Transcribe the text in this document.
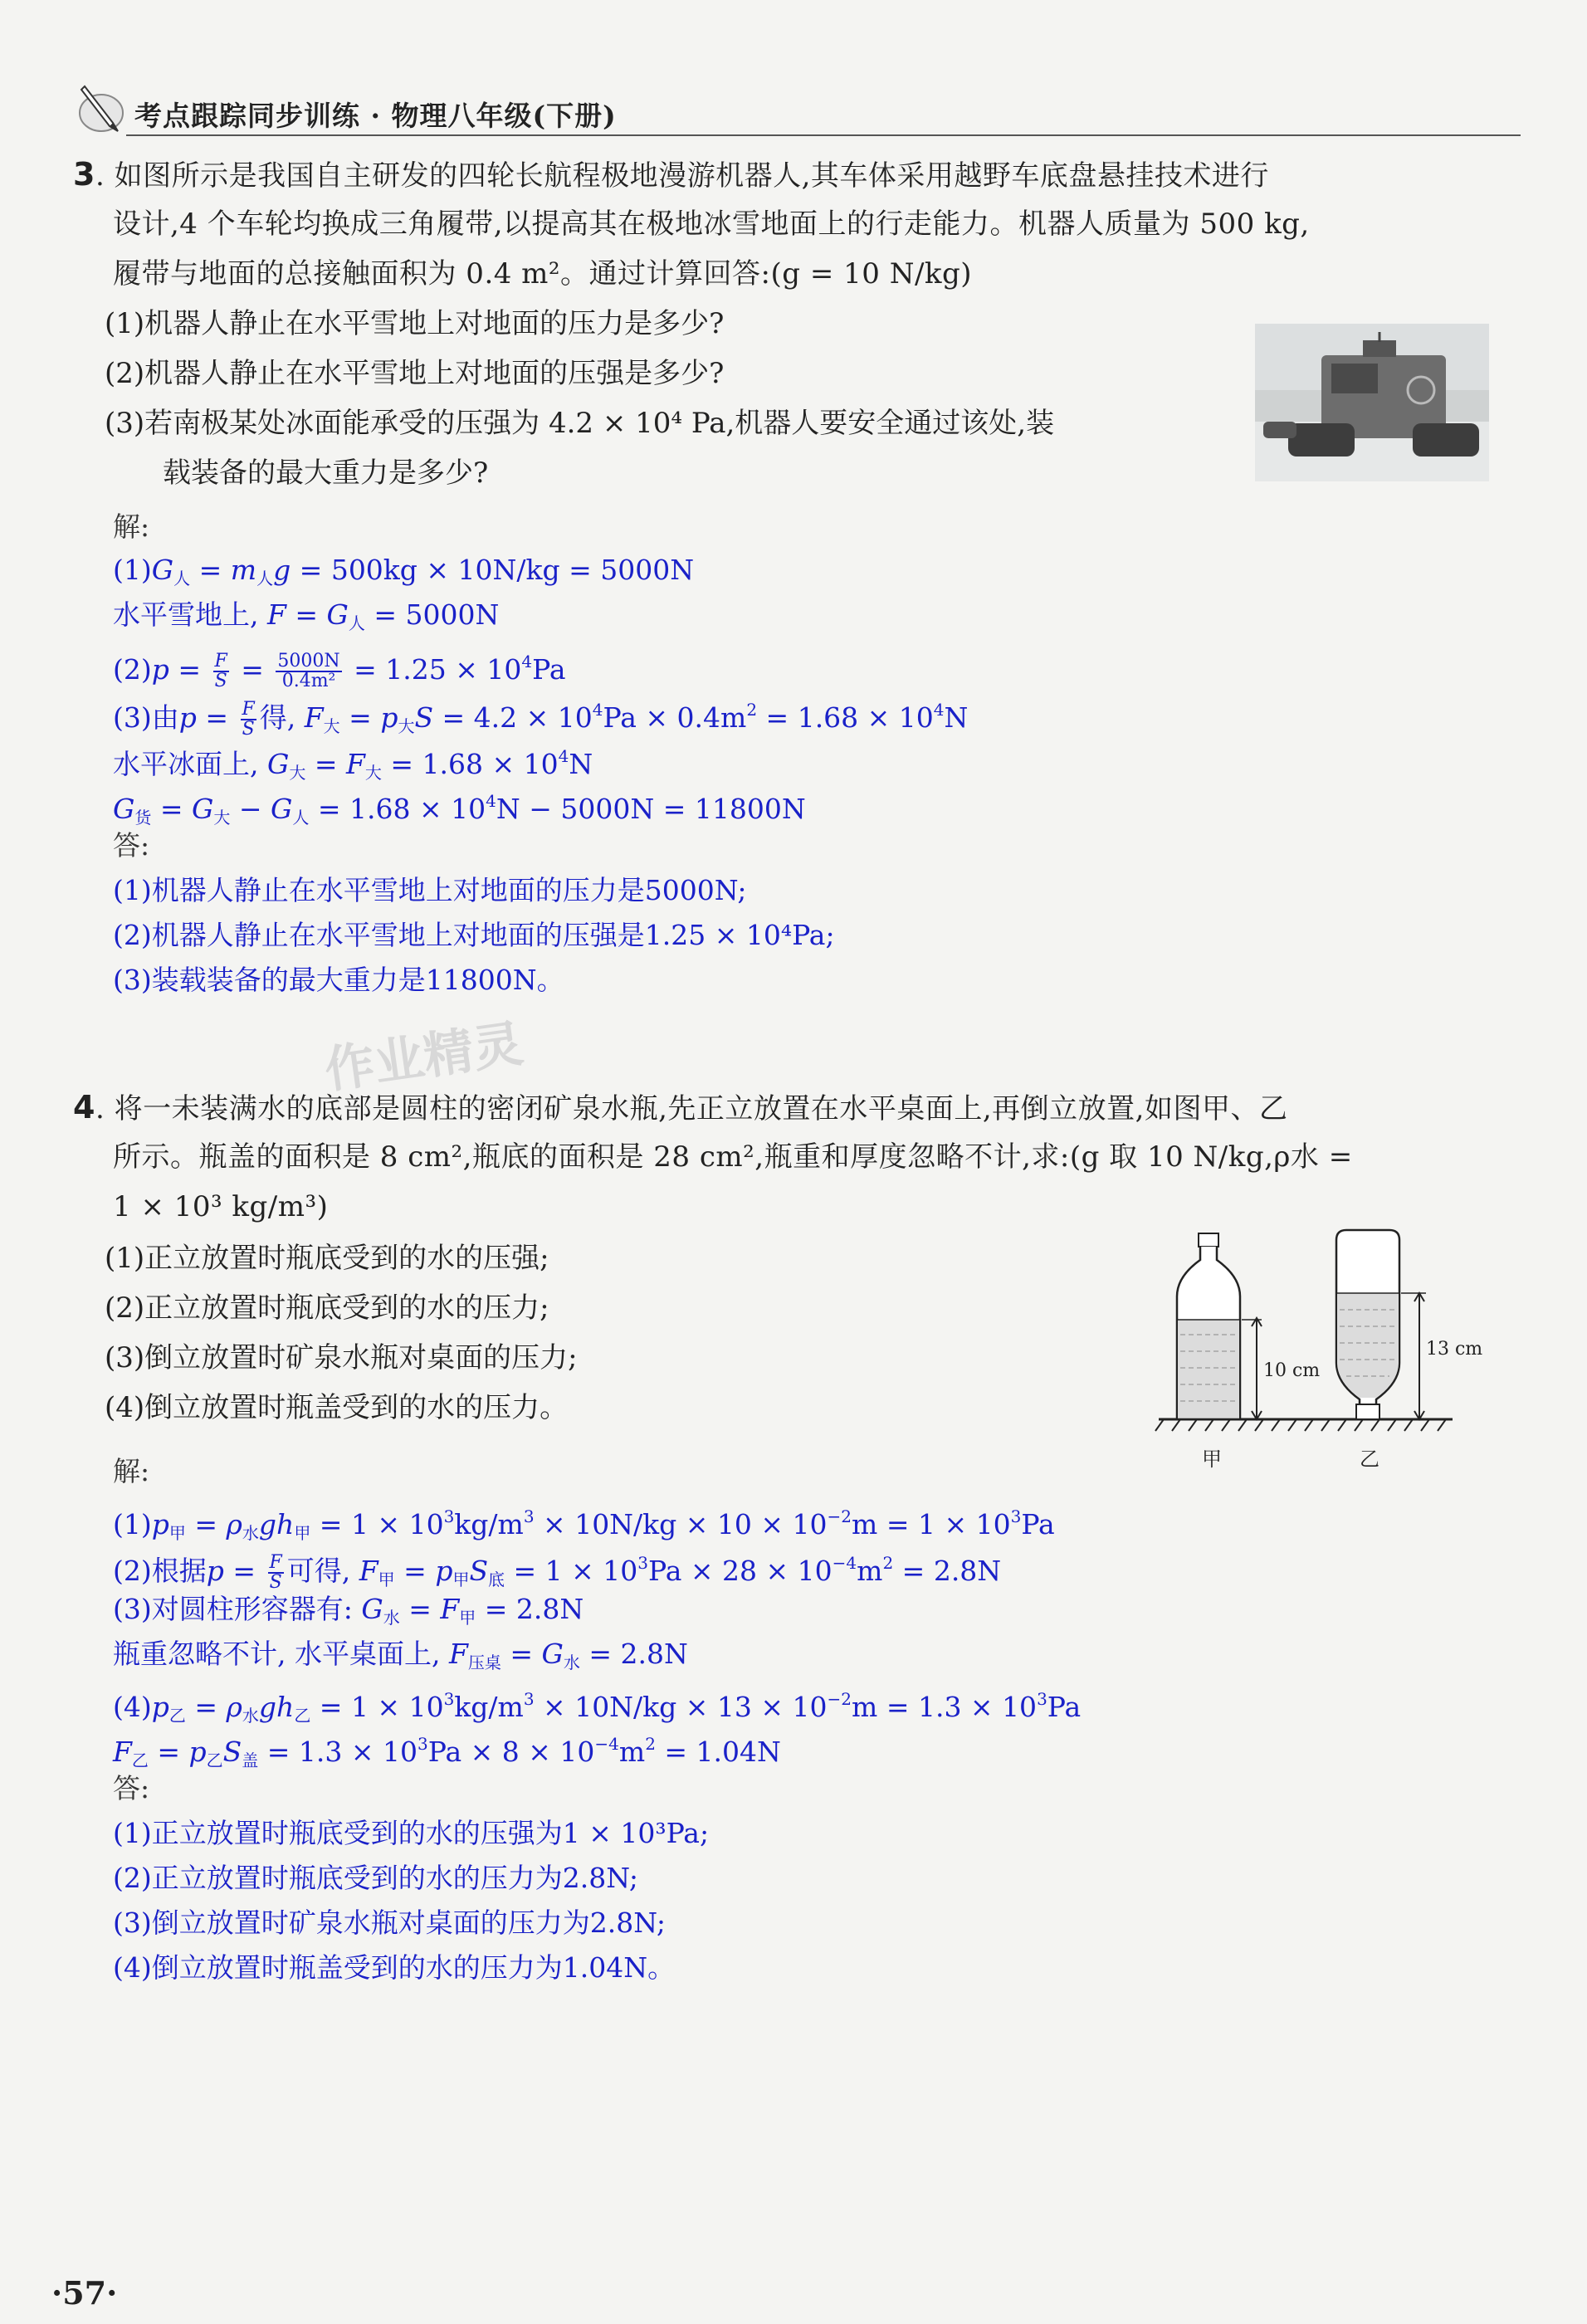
考点跟踪同步训练 · 物理八年级(下册)
3. 如图所示是我国自主研发的四轮长航程极地漫游机器人,其车体采用越野车底盘悬挂技术进行
设计,4 个车轮均换成三角履带,以提高其在极地冰雪地面上的行走能力。机器人质量为 500 kg,
履带与地面的总接触面积为 0.4 m²。通过计算回答:(g = 10 N/kg)
(1)机器人静止在水平雪地上对地面的压力是多少?
(2)机器人静止在水平雪地上对地面的压强是多少?
(3)若南极某处冰面能承受的压强为 4.2 × 10⁴ Pa,机器人要安全通过该处,装
载装备的最大重力是多少?
解:
(1)G人 = m人g = 500kg × 10N/kg = 5000N
水平雪地上, F = G人 = 5000N
$(2)p = \frac{F}{S} = \frac{5000N}{\text{0.4m²}} = 1.25 \times 10^4Pa$
(3)由$p = \frac{F}{S}$ 得, F大 = p大$S = 4.2 \times 10^4Pa \times 0.4m^2 = 1.68 \times 10^4N$
水平冰面上, G大 = F大 = $1.68 \times 10^4N$
G货 = G大 − G人 = $1.68 \times 10^4N - 5000N = 11800N$
答:
(1)机器人静止在水平雪地上对地面的压力是5000N;
(2)机器人静止在水平雪地上对地面的压强是1.25 × 10⁴Pa;
(3)装载装备的最大重力是11800N。
作业精灵
4. 将一未装满水的底部是圆柱的密闭矿泉水瓶,先正立放置在水平桌面上,再倒立放置,如图甲、乙
所示。瓶盖的面积是 8 cm²,瓶底的面积是 28 cm²,瓶重和厚度忽略不计,求:(g 取 10 N/kg,ρ水 =
1 × 10³ kg/m³)
(1)正立放置时瓶底受到的水的压强;
(2)正立放置时瓶底受到的水的压力;
(3)倒立放置时矿泉水瓶对桌面的压力;
(4)倒立放置时瓶盖受到的水的压力。
10 cm
13 cm
甲	乙
解:
(1)p甲 = ρ水gh甲 = $1 \times 10^3kg/m^3 \times 10N/kg \times 10 \times 10^{-2}m = 1 \times 10^3Pa$
(2)根据$p = \frac{F}{S}$ 可得, F甲 = p甲S底 = $1 \times 10^3Pa \times 28 \times 10^{-4}m^2 = 2.8N$
(3)对圆柱形容器有: G水 = F甲 = 2.8N
瓶重忽略不计, 水平桌面上, F压桌 = G水 = 2.8N
(4)p乙 = ρ水gh乙 = $1 \times 10^3kg/m^3 \times 10N/kg \times 13 \times 10^{-2}m = 1.3 \times 10^3Pa$
F乙 = p乙S盖 = $1.3 \times 10^3Pa \times 8 \times 10^{-4}m^2 = 1.04N$
答:
(1)正立放置时瓶底受到的水的压强为1 × 10³Pa;
(2)正立放置时瓶底受到的水的压力为2.8N;
(3)倒立放置时矿泉水瓶对桌面的压力为2.8N;
(4)倒立放置时瓶盖受到的水的压力为1.04N。
·57·
